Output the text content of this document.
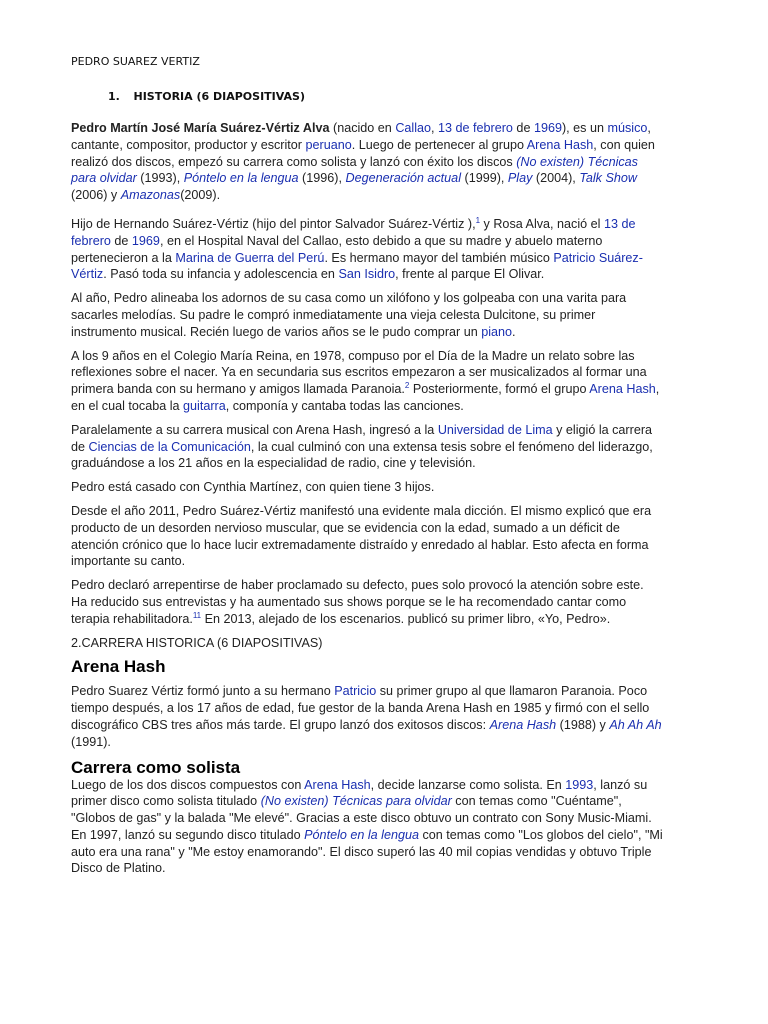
PEDRO SUAREZ VERTIZ
1. HISTORIA (6 DIAPOSITIVAS)

Pedro Martín José María Suárez-Vértiz Alva (nacido en Callao, 13 de febrero de 1969), es un músico, cantante, compositor, productor y escritor peruano. Luego de pertenecer al grupo Arena Hash, con quien realizó dos discos, empezó su carrera como solista y lanzó con éxito los discos (No existen) Técnicas para olvidar (1993), Póntelo en la lengua (1996), Degeneración actual (1999), Play (2004), Talk Show (2006) y Amazonas(2009).

Hijo de Hernando Suárez-Vértiz (hijo del pintor Salvador Suárez-Vértiz ),$^1$ y Rosa Alva, nació el 13 de febrero de 1969, en el Hospital Naval del Callao, esto debido a que su madre y abuelo materno pertenecieron a la Marina de Guerra del Perú. Es hermano mayor del también músico Patricio Suárez-Vértiz. Pasó toda su infancia y adolescencia en San Isidro, frente al parque El Olivar.

Al año, Pedro alineaba los adornos de su casa como un xilófono y los golpeaba con una varita para sacarles melodías. Su padre le compró inmediatamente una vieja celesta Dulcitone, su primer instrumento musical. Recién luego de varios años se le pudo comprar un piano.

A los 9 años en el Colegio María Reina, en 1978, compuso por el Día de la Madre un relato sobre las reflexiones sobre el nacer. Ya en secundaria sus escritos empezaron a ser musicalizados al formar una primera banda con su hermano y amigos llamada Paranoia.$^2$ Posteriormente, formó el grupo Arena Hash, en el cual tocaba la guitarra, componía y cantaba todas las canciones.

Paralelamente a su carrera musical con Arena Hash, ingresó a la Universidad de Lima y eligió la carrera de Ciencias de la Comunicación, la cual culminó con una extensa tesis sobre el fenómeno del liderazgo, graduándose a los 21 años en la especialidad de radio, cine y televisión.

Pedro está casado con Cynthia Martínez, con quien tiene 3 hijos.

Desde el año 2011, Pedro Suárez-Vértiz manifestó una evidente mala dicción. El mismo explicó que era producto de un desorden nervioso muscular, que se evidencia con la edad, sumado a un déficit de atención crónico que lo hace lucir extremadamente distraído y enredado al hablar. Esto afecta en forma importante su canto.

Pedro declaró arrepentirse de haber proclamado su defecto, pues solo provocó la atención sobre este. Ha reducido sus entrevistas y ha aumentado sus shows porque se le ha recomendado cantar como terapia rehabilitadora.$^{11}$ En 2013, alejado de los escenarios. publicó su primer libro, «Yo, Pedro».

2.CARRERA HISTORICA (6 DIAPOSITIVAS)
Arena Hash

Pedro Suarez Vértiz formó junto a su hermano Patricio su primer grupo al que llamaron Paranoia. Poco tiempo después, a los 17 años de edad, fue gestor de la banda Arena Hash en 1985 y firmó con el sello discográfico CBS tres años más tarde. El grupo lanzó dos exitosos discos: Arena Hash (1988) y Ah Ah Ah (1991).

Carrera como solista

Luego de los dos discos compuestos con Arena Hash, decide lanzarse como solista. En 1993, lanzó su primer disco como solista titulado (No existen) Técnicas para olvidar con temas como "Cuéntame", "Globos de gas" y la balada "Me elevé". Gracias a este disco obtuvo un contrato con Sony Music-Miami.
En 1997, lanzó su segundo disco titulado Póntelo en la lengua con temas como "Los globos del cielo", "Mi auto era una rana" y "Me estoy enamorando". El disco superó las 40 mil copias vendidas y obtuvo Triple Disco de Platino.
